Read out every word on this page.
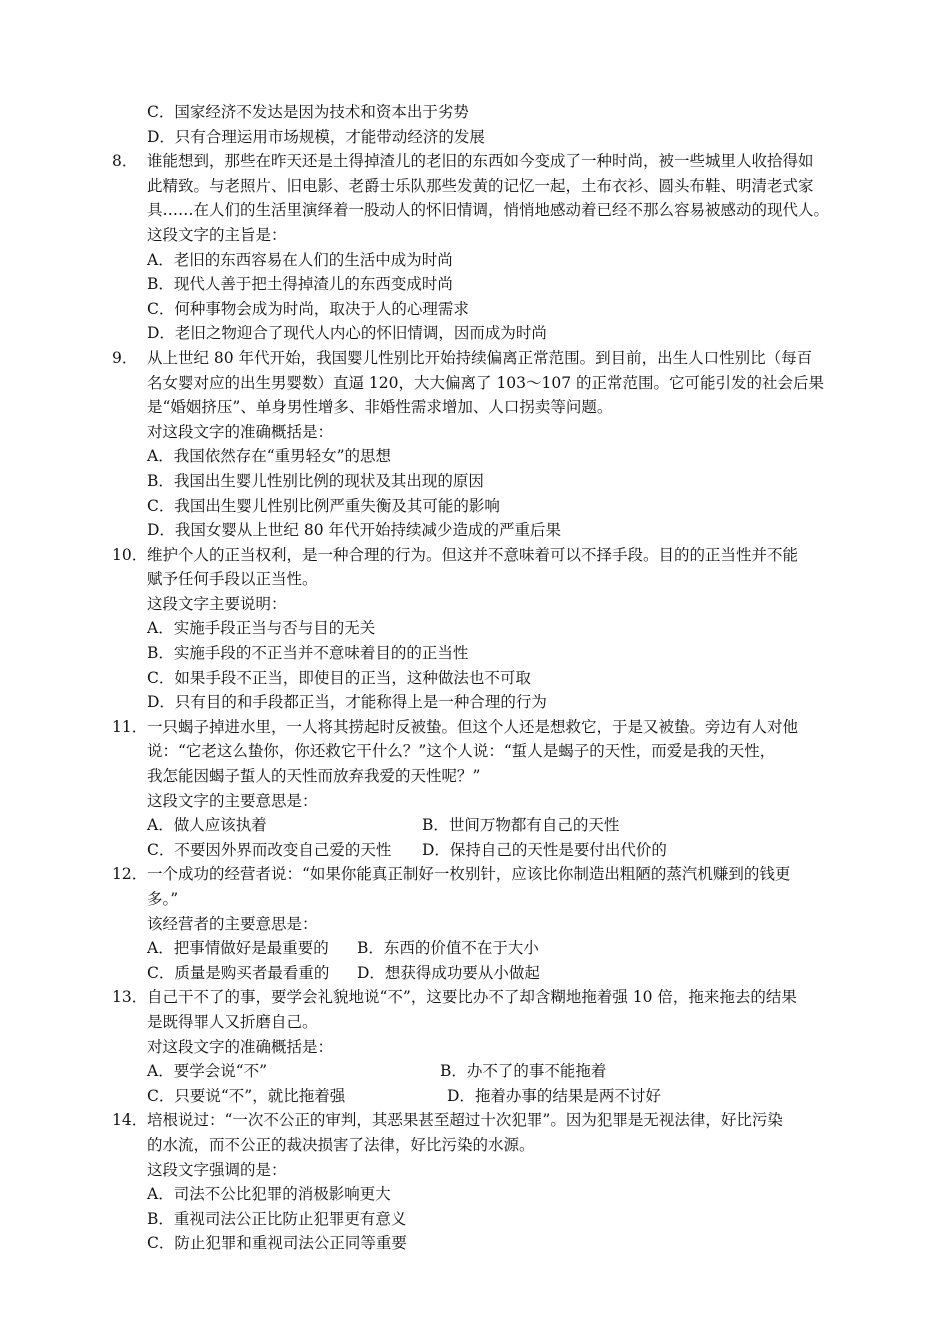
C．国家经济不发达是因为技术和资本出于劣势
D．只有合理运用市场规模，才能带动经济的发展
8． 谁能想到，那些在昨天还是土得掉渣儿的老旧的东西如今变成了一种时尚，被一些城里人收拾得如
此精致。与老照片、旧电影、老爵士乐队那些发黄的记忆一起，土布衣衫、圆头布鞋、明清老式家
具……在人们的生活里演绎着一股动人的怀旧情调，悄悄地感动着已经不那么容易被感动的现代人。
这段文字的主旨是：
A．老旧的东西容易在人们的生活中成为时尚
B．现代人善于把土得掉渣儿的东西变成时尚
C．何种事物会成为时尚，取决于人的心理需求
D．老旧之物迎合了现代人内心的怀旧情调，因而成为时尚
9． 从上世纪 80 年代开始，我国婴儿性别比开始持续偏离正常范围。到目前，出生人口性别比（每百
名女婴对应的出生男婴数）直逼 120，大大偏离了 103～107 的正常范围。它可能引发的社会后果
是“婚姻挤压”、单身男性增多、非婚性需求增加、人口拐卖等问题。
对这段文字的准确概括是：
A．我国依然存在“重男轻女”的思想
B．我国出生婴儿性别比例的现状及其出现的原因
C．我国出生婴儿性别比例严重失衡及其可能的影响
D．我国女婴从上世纪 80 年代开始持续减少造成的严重后果
10． 维护个人的正当权利，是一种合理的行为。但这并不意味着可以不择手段。目的的正当性并不能
赋予任何手段以正当性。
这段文字主要说明：
A．实施手段正当与否与目的无关
B．实施手段的不正当并不意味着目的的正当性
C．如果手段不正当，即使目的正当，这种做法也不可取
D．只有目的和手段都正当，才能称得上是一种合理的行为
11． 一只蝎子掉进水里，一人将其捞起时反被蛰。但这个人还是想救它，于是又被蛰。旁边有人对他
说：“它老这么蛰你，你还救它干什么？”这个人说：“蜇人是蝎子的天性，而爱是我的天性，
我怎能因蝎子蜇人的天性而放弃我爱的天性呢？”
这段文字的主要意思是：
A．做人应该执着	B．世间万物都有自己的天性
C．不要因外界而改变自己爱的天性 D．保持自己的天性是要付出代价的
12． 一个成功的经营者说：“如果你能真正制好一枚别针，应该比你制造出粗陋的蒸汽机赚到的钱更
多。”
该经营者的主要意思是：
A．把事情做好是最重要的 B．东西的价值不在于大小
C．质量是购买者最看重的 D．想获得成功要从小做起
13． 自己干不了的事，要学会礼貌地说“不”，这要比办不了却含糊地拖着强 10 倍，拖来拖去的结果
是既得罪人又折磨自己。
对这段文字的准确概括是：
A．要学会说“不”	B．办不了的事不能拖着
C．只要说“不”，就比拖着强	D．拖着办事的结果是两不讨好
14． 培根说过：“一次不公正的审判，其恶果甚至超过十次犯罪”。因为犯罪是无视法律，好比污染
的水流，而不公正的裁决损害了法律，好比污染的水源。
这段文字强调的是：
A．司法不公比犯罪的消极影响更大
B．重视司法公正比防止犯罪更有意义
C．防止犯罪和重视司法公正同等重要
